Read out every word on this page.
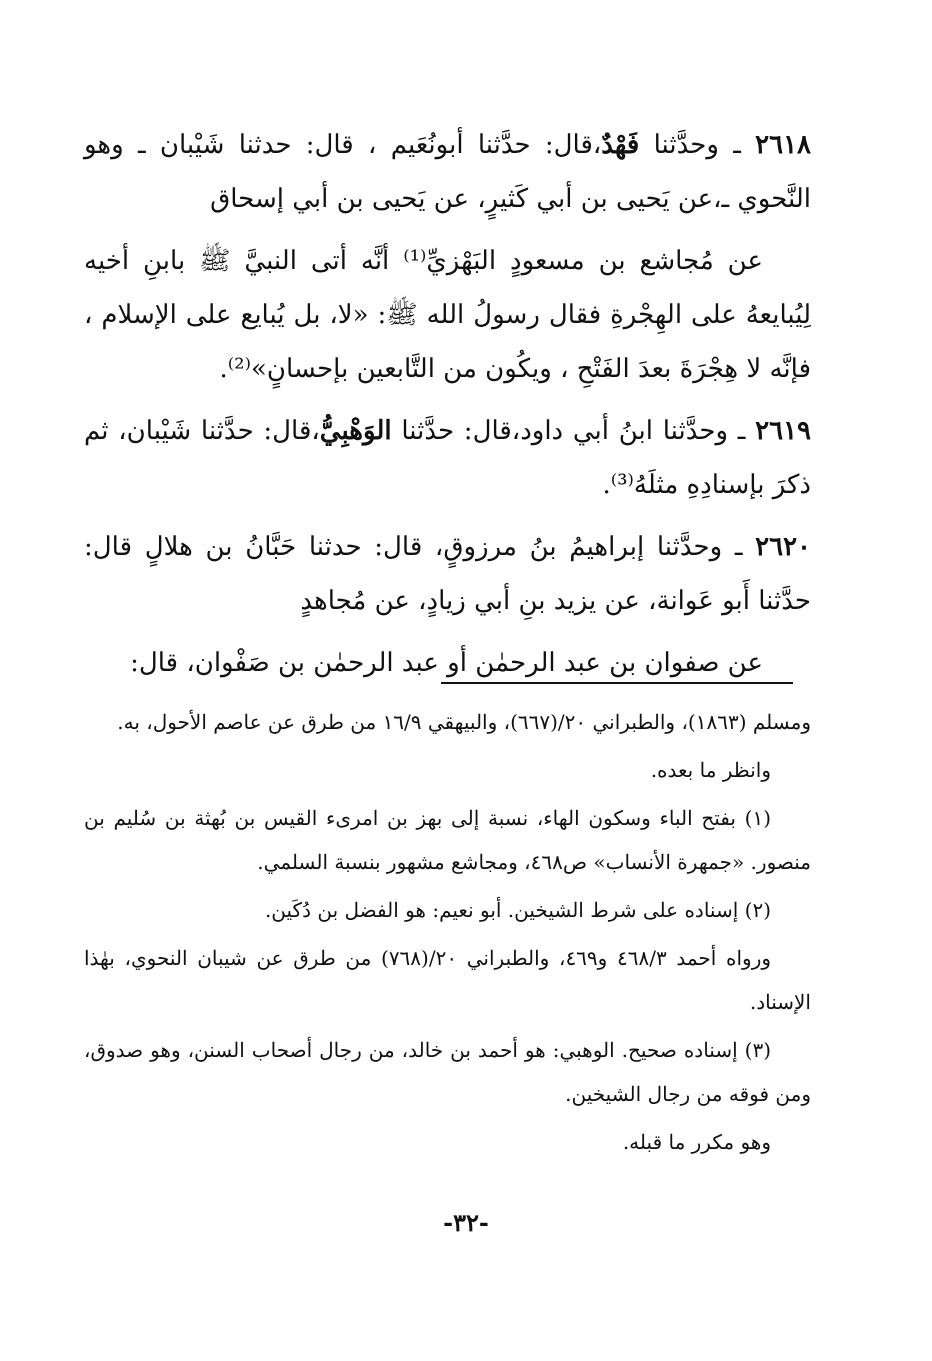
٢٦١٨ ـ وحدَّثنا فَهْدٌ،قال: حدَّثنا أبونُعَيم ، قال: حدثنا شَيْبان ـ وهو النَّحوي ـ،عن يَحيى بن أبي كَثيرٍ، عن يَحيى بن أبي إسحاق

عن مُجاشع بن مسعودٍ البَهْزيِّ⁽¹⁾ أنَّه أتى النبيَّ ﷺ بابنِ أخيه لِيُبايعهُ على الهِجْرةِ فقال رسولُ الله ﷺ: «لا، بل يُبايع على الإسلام ، فإنَّه لا هِجْرَةَ بعدَ الفَتْحِ ، ويكُون من التَّابعين بإحسانٍ»⁽²⁾.

٢٦١٩ ـ وحدَّثنا ابنُ أبي داود،قال: حدَّثنا الوَهْبِيُّ،قال: حدَّثنا شَيْبان، ثم ذكرَ بإسنادِهِ مثلَهُ⁽³⁾.

٢٦٢٠ ـ وحدَّثنا إبراهيمُ بنُ مرزوقٍ، قال: حدثنا حَبَّانُ بن هلالٍ قال: حدَّثنا أَبو عَوانة، عن يزيد بنِ أبي زيادٍ، عن مُجاهدٍ

عن صفوان بن عبد الرحمٰن أو عبد الرحمٰن بن صَفْوان، قال:

ومسلم (١٨٦٣)، والطبراني ٢٠/(٦٦٧)، والبيهقي ١٦/٩ من طرق عن عاصم الأحول، به.

وانظر ما بعده.

(١) بفتح الباء وسكون الهاء، نسبة إلى بهز بن امرىء القيس بن بُهثة بن سُليم بن منصور. «جمهرة الأنساب» ص٤٦٨، ومجاشع مشهور بنسبة السلمي.

(٢) إسناده على شرط الشيخين. أبو نعيم: هو الفضل بن دُكَين.

ورواه أحمد ٤٦٨/٣ و٤٦٩، والطبراني ٢٠/(٧٦٨) من طرق عن شيبان النحوي، بهٰذا الإسناد.

(٣) إسناده صحيح. الوهبي: هو أحمد بن خالد، من رجال أصحاب السنن، وهو صدوق، ومن فوقه من رجال الشيخين.

وهو مكرر ما قبله.

-٣٢-
